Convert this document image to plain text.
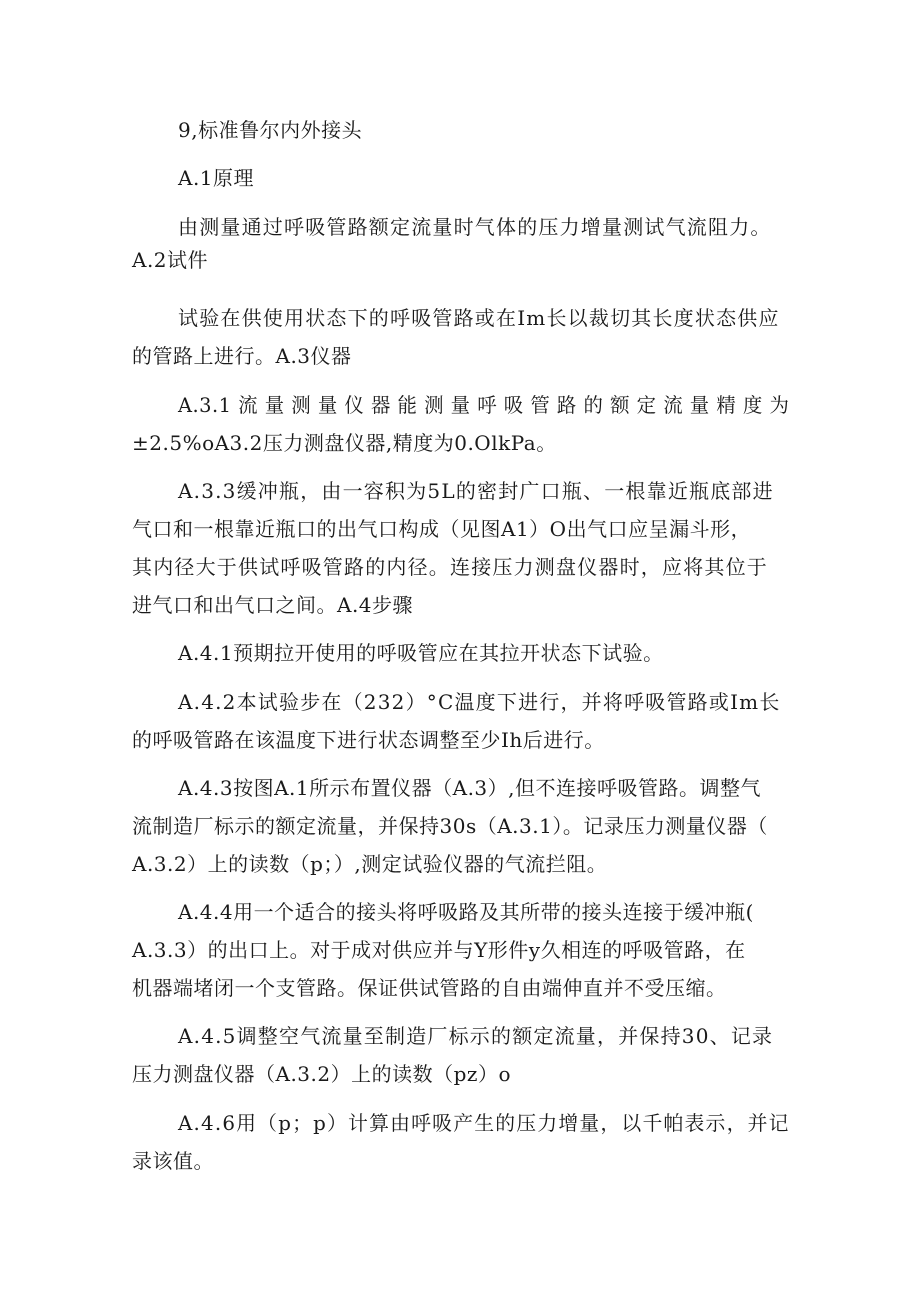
9,标准鲁尔内外接头
A.1原理
由测量通过呼吸管路额定流量时气体的压力增量测试气流阻力。
A.2试件
试验在供使用状态下的呼吸管路或在Im长以裁切其长度状态供应
的管路上进行。A.3仪器
A.3.1 流 量 测 量 仪 器 能 测 量 呼 吸 管 路 的 额 定 流 量 精 度 为
±2.5%oA3.2压力测盘仪器,精度为0.OlkPa。
A.3.3缓冲瓶，由一容积为5L的密封广口瓶、一根靠近瓶底部进
气口和一根靠近瓶口的出气口构成（见图A1）O出气口应呈漏斗形，
其内径大于供试呼吸管路的内径。连接压力测盘仪器时，应将其位于
进气口和出气口之间。A.4步骤
A.4.1预期拉开使用的呼吸管应在其拉开状态下试验。
A.4.2本试验步在（232）°C温度下进行，并将呼吸管路或Im长
的呼吸管路在该温度下进行状态调整至少Ih后进行。
A.4.3按图A.1所示布置仪器（A.3）,但不连接呼吸管路。调整气
流制造厂标示的额定流量，并保持30s（A.3.1）。记录压力测量仪器（
A.3.2）上的读数（p；）,测定试验仪器的气流拦阻。
A.4.4用一个适合的接头将呼吸路及其所带的接头连接于缓冲瓶(
A.3.3）的出口上。对于成对供应并与Y形件y久相连的呼吸管路，在
机器端堵闭一个支管路。保证供试管路的自由端伸直并不受压缩。
A.4.5调整空气流量至制造厂标示的额定流量，并保持30、记录
压力测盘仪器（A.3.2）上的读数（pz）o
A.4.6用（p；p）计算由呼吸产生的压力增量，以千帕表示，并记
录该值。
